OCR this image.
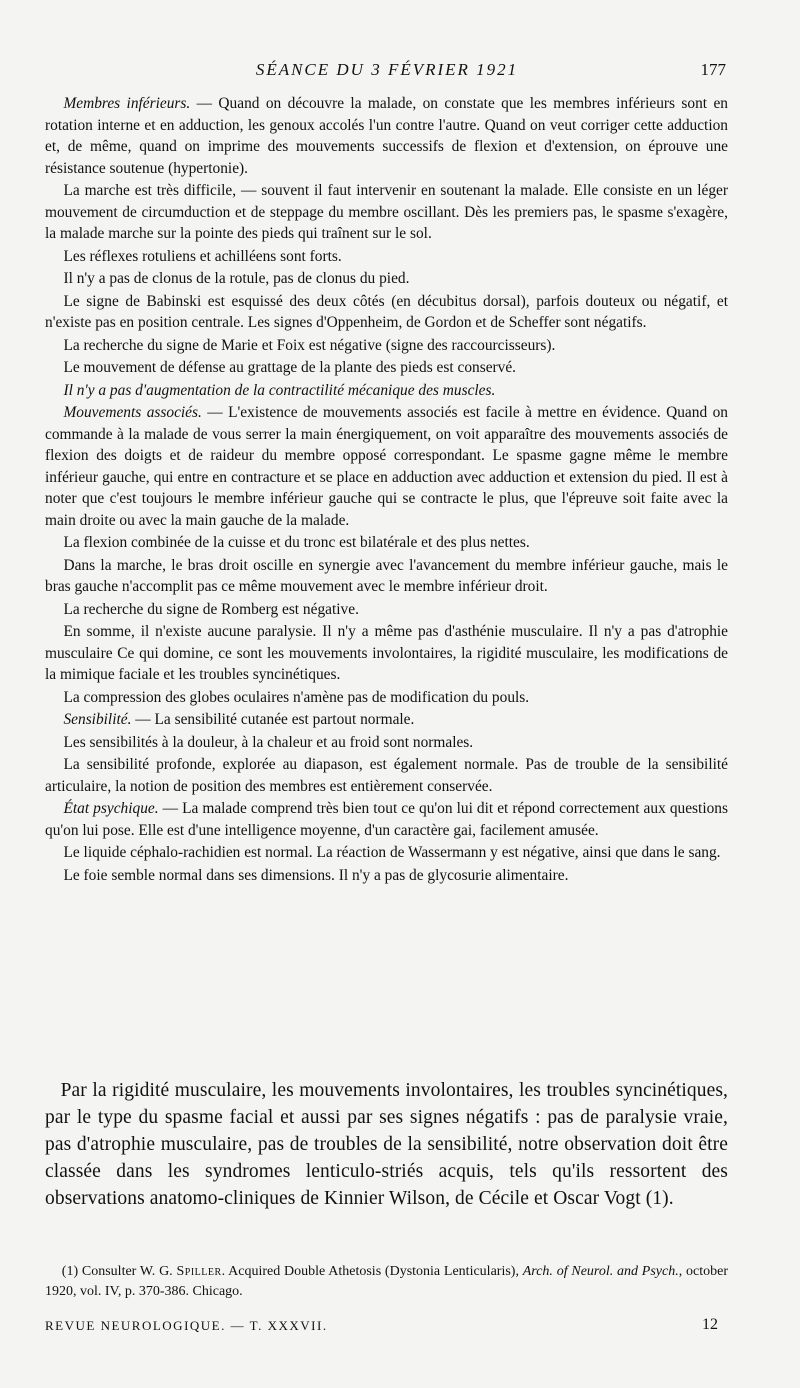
SÉANCE DU 3 FÉVRIER 1921	177

Membres inférieurs. — Quand on découvre la malade, on constate que les membres inférieurs sont en rotation interne et en adduction, les genoux accolés l'un contre l'autre. Quand on veut corriger cette adduction et, de même, quand on imprime des mouvements successifs de flexion et d'extension, on éprouve une résistance soutenue (hypertonie).

La marche est très difficile, — souvent il faut intervenir en soutenant la malade. Elle consiste en un léger mouvement de circumduction et de steppage du membre oscillant. Dès les premiers pas, le spasme s'exagère, la malade marche sur la pointe des pieds qui traînent sur le sol.

Les réflexes rotuliens et achilléens sont forts.

Il n'y a pas de clonus de la rotule, pas de clonus du pied.

Le signe de Babinski est esquissé des deux côtés (en décubitus dorsal), parfois douteux ou négatif, et n'existe pas en position centrale. Les signes d'Oppenheim, de Gordon et de Scheffer sont négatifs.

La recherche du signe de Marie et Foix est négative (signe des raccourcisseurs).

Le mouvement de défense au grattage de la plante des pieds est conservé.

Il n'y a pas d'augmentation de la contractilité mécanique des muscles.

Mouvements associés. — L'existence de mouvements associés est facile à mettre en évidence. Quand on commande à la malade de vous serrer la main énergiquement, on voit apparaître des mouvements associés de flexion des doigts et de raideur du membre opposé correspondant. Le spasme gagne même le membre inférieur gauche, qui entre en contracture et se place en adduction avec adduction et extension du pied. Il est à noter que c'est toujours le membre inférieur gauche qui se contracte le plus, que l'épreuve soit faite avec la main droite ou avec la main gauche de la malade.

La flexion combinée de la cuisse et du tronc est bilatérale et des plus nettes.

Dans la marche, le bras droit oscille en synergie avec l'avancement du membre inférieur gauche, mais le bras gauche n'accomplit pas ce même mouvement avec le membre inférieur droit.

La recherche du signe de Romberg est négative.

En somme, il n'existe aucune paralysie. Il n'y a même pas d'asthénie musculaire. Il n'y a pas d'atrophie musculaire Ce qui domine, ce sont les mouvements involontaires, la rigidité musculaire, les modifications de la mimique faciale et les troubles syncinétiques.

La compression des globes oculaires n'amène pas de modification du pouls.

Sensibilité. — La sensibilité cutanée est partout normale.

Les sensibilités à la douleur, à la chaleur et au froid sont normales.

La sensibilité profonde, explorée au diapason, est également normale. Pas de trouble de la sensibilité articulaire, la notion de position des membres est entièrement conservée.

État psychique. — La malade comprend très bien tout ce qu'on lui dit et répond correctement aux questions qu'on lui pose. Elle est d'une intelligence moyenne, d'un caractère gai, facilement amusée.

Le liquide céphalo-rachidien est normal. La réaction de Wassermann y est négative, ainsi que dans le sang.

Le foie semble normal dans ses dimensions. Il n'y a pas de glycosurie alimentaire.

Par la rigidité musculaire, les mouvements involontaires, les troubles syncinétiques, par le type du spasme facial et aussi par ses signes négatifs : pas de paralysie vraie, pas d'atrophie musculaire, pas de troubles de la sensibilité, notre observation doit être classée dans les syndromes lenticulo-striés acquis, tels qu'ils ressortent des observations anatomo-cliniques de Kinnier Wilson, de Cécile et Oscar Vogt (1).

(1) Consulter W. G. Spiller. Acquired Double Athetosis (Dystonia Lenticularis), Arch. of Neurol. and Psych., october 1920, vol. IV, p. 370-386. Chicago.

REVUE NEUROLOGIQUE. — T. XXXVII.	12
